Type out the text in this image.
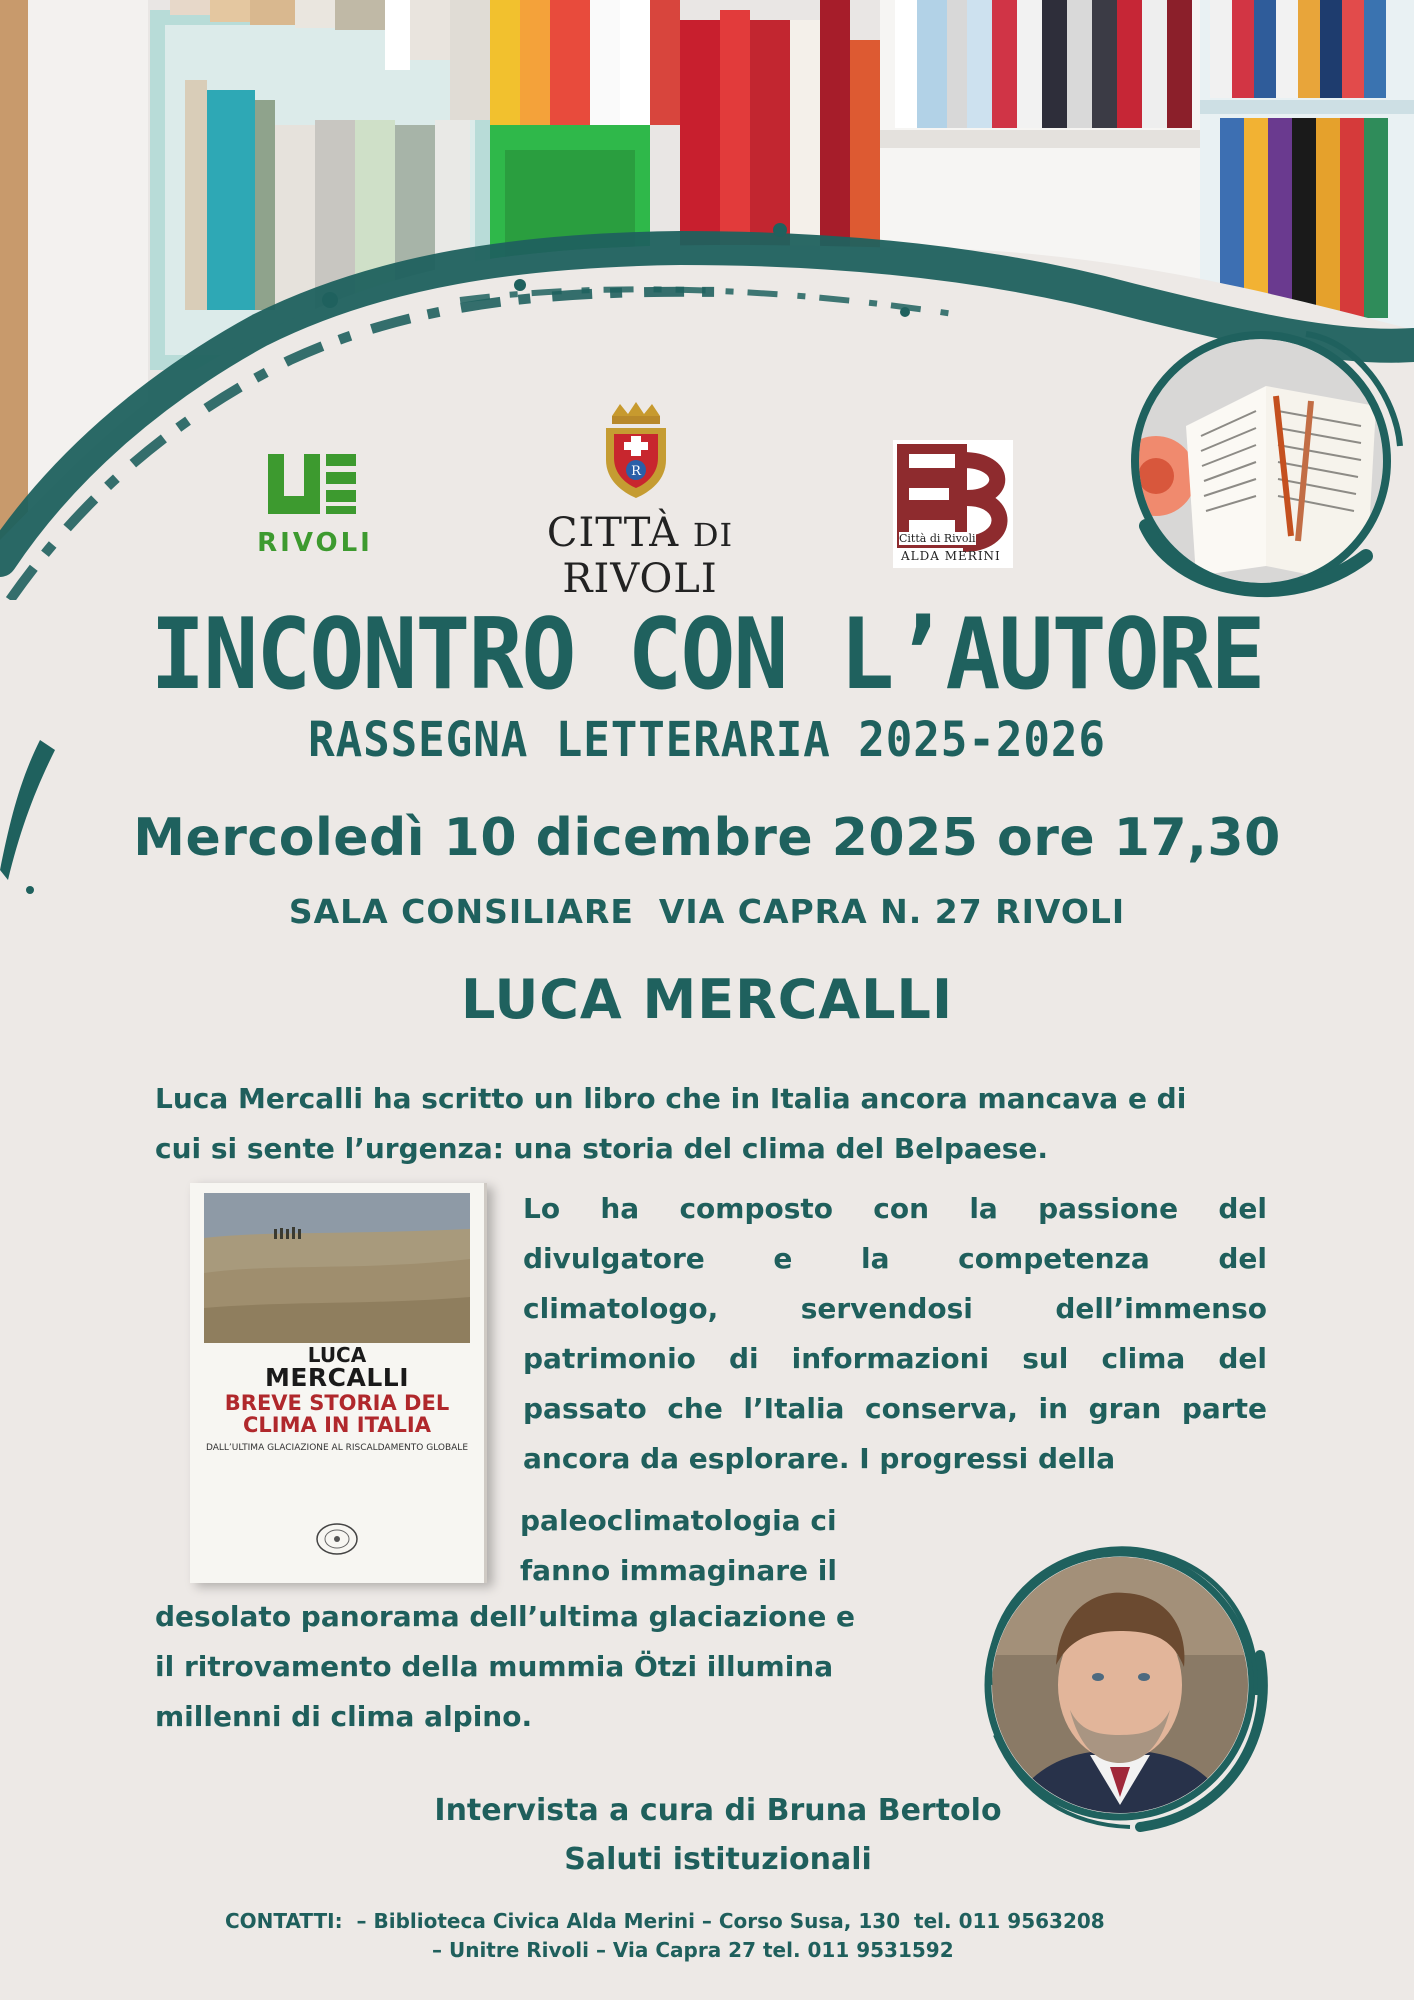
RIVOLI
R
CITTÀ DI RIVOLI
Città di Rivoli
ALDA MERINI
INCONTRO CON L’AUTORE
RASSEGNA LETTERARIA 2025-2026
Mercoledì 10 dicembre 2025 ore 17,30
SALA CONSILIARE  VIA CAPRA N. 27 RIVOLI
LUCA MERCALLI
Luca Mercalli ha scritto un libro che in Italia ancora mancava e di
cui si sente l’urgenza: una storia del clima del Belpaese.
LUCA
MERCALLI
BREVE STORIA DEL
CLIMA IN ITALIA
DALL’ULTIMA GLACIAZIONE AL RISCALDAMENTO GLOBALE
Lo ha composto con la passione del
divulgatore e la competenza del
climatologo, servendosi dell’immenso
patrimonio di informazioni sul clima del
passato che l’Italia conserva, in gran parte
ancora da esplorare. I progressi della
paleoclimatologia ci
fanno immaginare il
desolato panorama dell’ultima glaciazione e
il ritrovamento della mummia Ötzi illumina
millenni di clima alpino.
Intervista a cura di Bruna Bertolo
Saluti istituzionali
CONTATTI:  – Biblioteca Civica Alda Merini – Corso Susa, 130  tel. 011 9563208
– Unitre Rivoli – Via Capra 27 tel. 011 9531592
